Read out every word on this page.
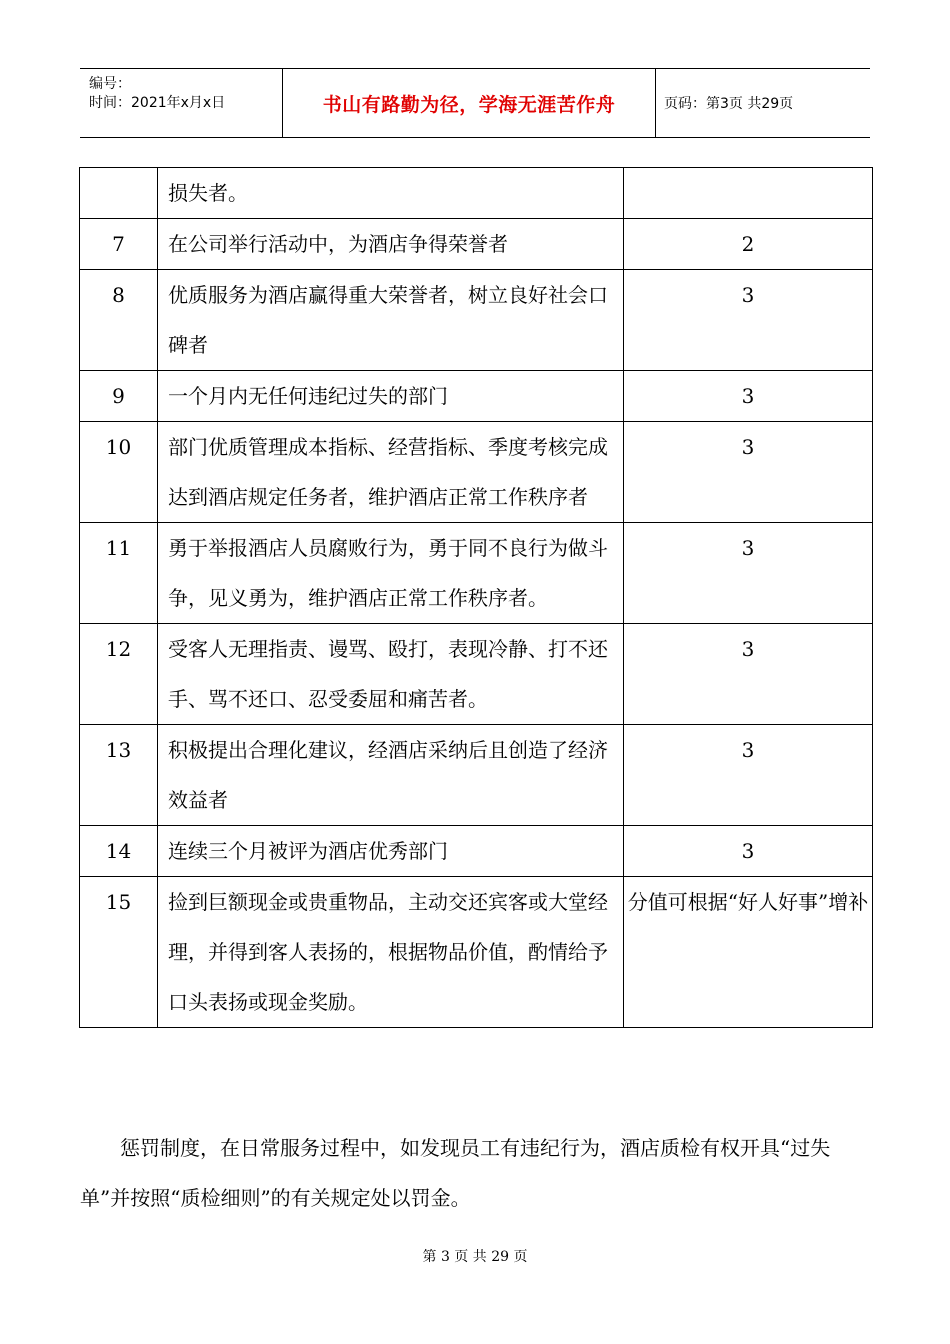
编号：
时间：2021年x月x日	书山有路勤为径，学海无涯苦作舟	页码：第3页 共29页
	损失者。	
7	在公司举行活动中，为酒店争得荣誉者	2
8	优质服务为酒店赢得重大荣誉者，树立良好社会口碑者	3
9	一个月内无任何违纪过失的部门	3
10	部门优质管理成本指标、经营指标、季度考核完成达到酒店规定任务者，维护酒店正常工作秩序者	3
11	勇于举报酒店人员腐败行为，勇于同不良行为做斗争，见义勇为，维护酒店正常工作秩序者。	3
12	受客人无理指责、谩骂、殴打，表现冷静、打不还手、骂不还口、忍受委屈和痛苦者。	3
13	积极提出合理化建议，经酒店采纳后且创造了经济效益者	3
14	连续三个月被评为酒店优秀部门	3
15	捡到巨额现金或贵重物品，主动交还宾客或大堂经理，并得到客人表扬的，根据物品价值，酌情给予口头表扬或现金奖励。	分值可根据“好人好事”增补
惩罚制度，在日常服务过程中，如发现员工有违纪行为，酒店质检有权开具“过失单”并按照“质检细则”的有关规定处以罚金。
第 3 页 共 29 页
